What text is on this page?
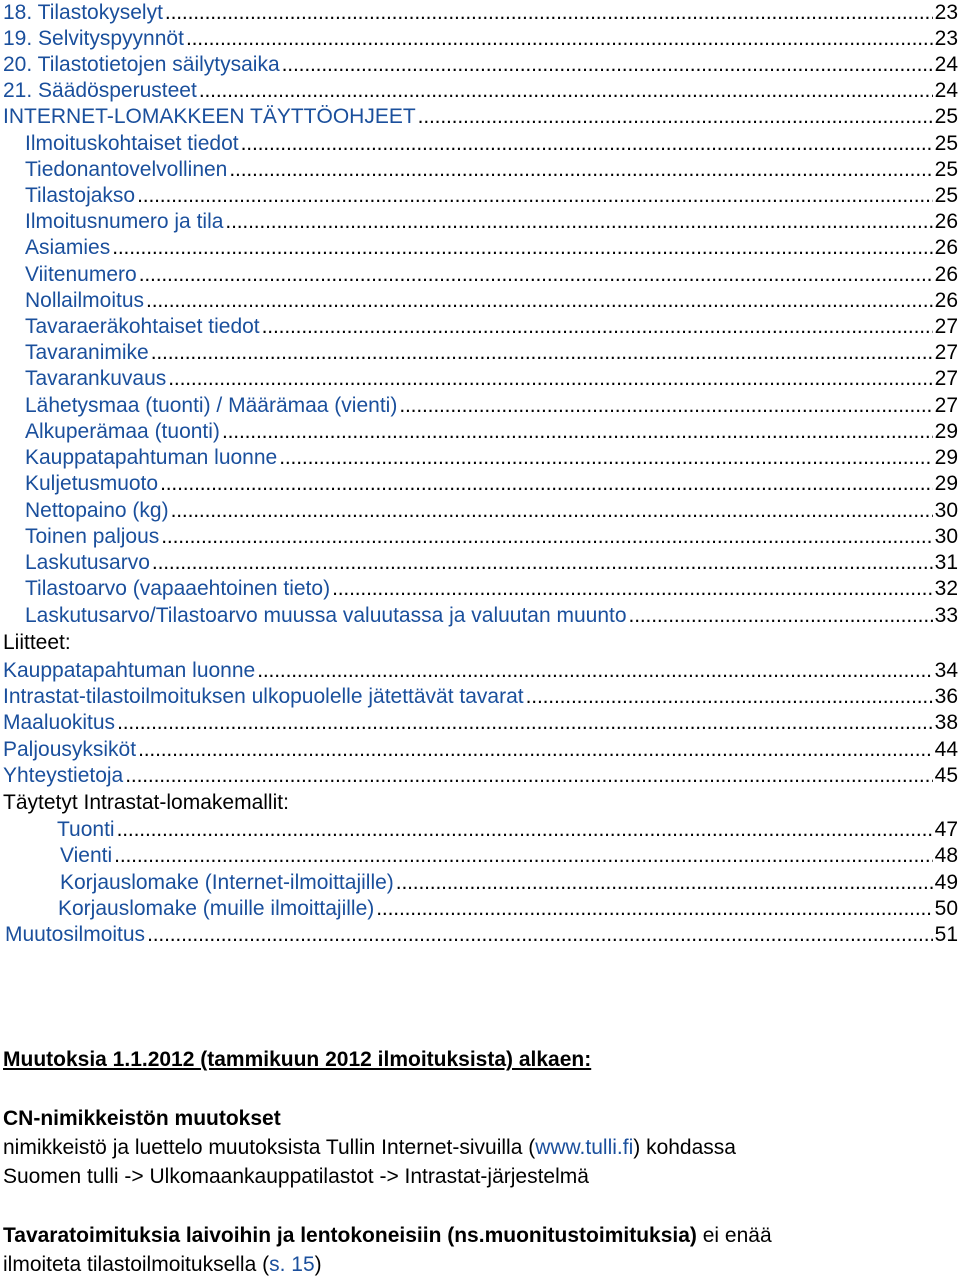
18. Tilastokyselyt . . .	23
19. Selvityspyynnöt . . .	23
20. Tilastotietojen säilytysaika . . .	24
21. Säädösperusteet . . .	24
INTERNET-LOMAKKEEN TÄYTTÖOHJEET . . .	25
Ilmoituskohtaiset tiedot . . .	25
Tiedonantovelvollinen . . .	25
Tilastojakso . . .	25
Ilmoitusnumero ja tila . . .	26
Asiamies . . .	26
Viitenumero . . .	26
Nollailmoitus . . .	26
Tavaraeräkohtaiset tiedot . . .	27
Tavaranimike . . .	27
Tavarankuvaus . . .	27
Lähetysmaa (tuonti) / Määrämaa (vienti) . . .	27
Alkuperämaa (tuonti) . . .	29
Kauppatapahtuman luonne . . .	29
Kuljetusmuoto . . .	29
Nettopaino (kg) . . .	30
Toinen paljous . . .	30
Laskutusarvo . . .	31
Tilastoarvo (vapaaehtoinen tieto) . . .	32
Laskutusarvo/Tilastoarvo muussa valuutassa ja valuutan muunto . . .	33
Kauppatapahtuman luonne . . .	34
Intrastat-tilastoilmoituksen ulkopuolelle jätettävät tavarat . . .	36
Maaluokitus . . .	38
Paljousyksiköt . . .	44
Yhteystietoja . . .	45
Tuonti . . .	47
Vienti . . .	48
Korjauslomake (Internet-ilmoittajille) . . .	49
Korjauslomake (muille ilmoittajille) . . .	50
Muutosilmoitus . . .	51
Liitteet:
Täytetyt Intrastat-lomakemallit:
Muutoksia 1.1.2012 (tammikuun 2012 ilmoituksista) alkaen:
CN-nimikkeistön muutokset
nimikkeistö ja luettelo muutoksista Tullin Internet-sivuilla (www.tulli.fi) kohdassa
Suomen tulli -> Ulkomaankauppatilastot -> Intrastat-järjestelmä
Tavaratoimituksia laivoihin ja lentokoneisiin (ns.muonitustoimituksia) ei enää
ilmoiteta tilastoilmoituksella (s. 15)
